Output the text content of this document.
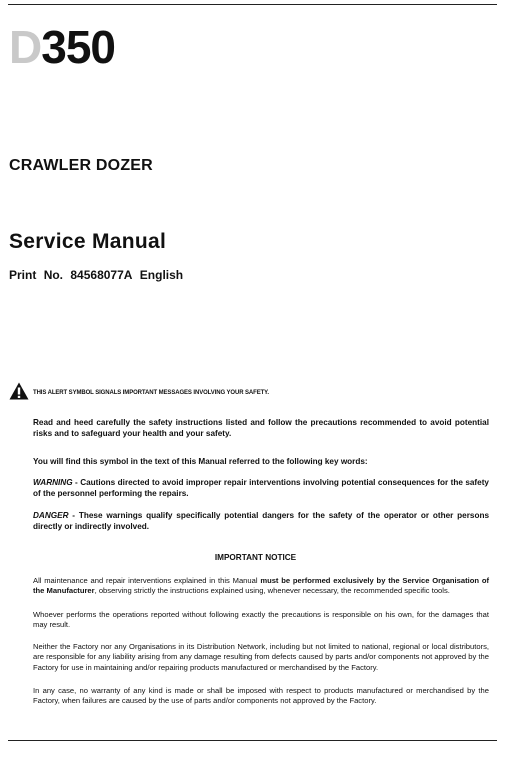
D350
CRAWLER DOZER
Service Manual
Print No. 84568077A English
THIS ALERT SYMBOL SIGNALS IMPORTANT MESSAGES INVOLVING YOUR SAFETY.
Read and heed carefully the safety instructions listed and follow the precautions recommended to avoid potential risks and to safeguard your health and your safety.
You will find this symbol in the text of this Manual referred to the following key words:
WARNING - Cautions directed to avoid improper repair interventions involving potential consequences for the safety of the personnel performing the repairs.
DANGER - These warnings qualify specifically potential dangers for the safety of the operator or other persons directly or indirectly involved.
IMPORTANT NOTICE
All maintenance and repair interventions explained in this Manual must be performed exclusively by the Service Organisation of the Manufacturer, observing strictly the instructions explained using, whenever necessary, the recommended specific tools.
Whoever performs the operations reported without following exactly the precautions is responsible on his own, for the damages that may result.
Neither the Factory nor any Organisations in its Distribution Network, including but not limited to national, regional or local distributors, are responsible for any liability arising from any damage resulting from defects caused by parts and/or components not approved by the Factory for use in maintaining and/or repairing products manufactured or merchandised by the Factory.
In any case, no warranty of any kind is made or shall be imposed with respect to products manufactured or merchandised by the Factory, when failures are caused by the use of parts and/or components not approved by the Factory.
